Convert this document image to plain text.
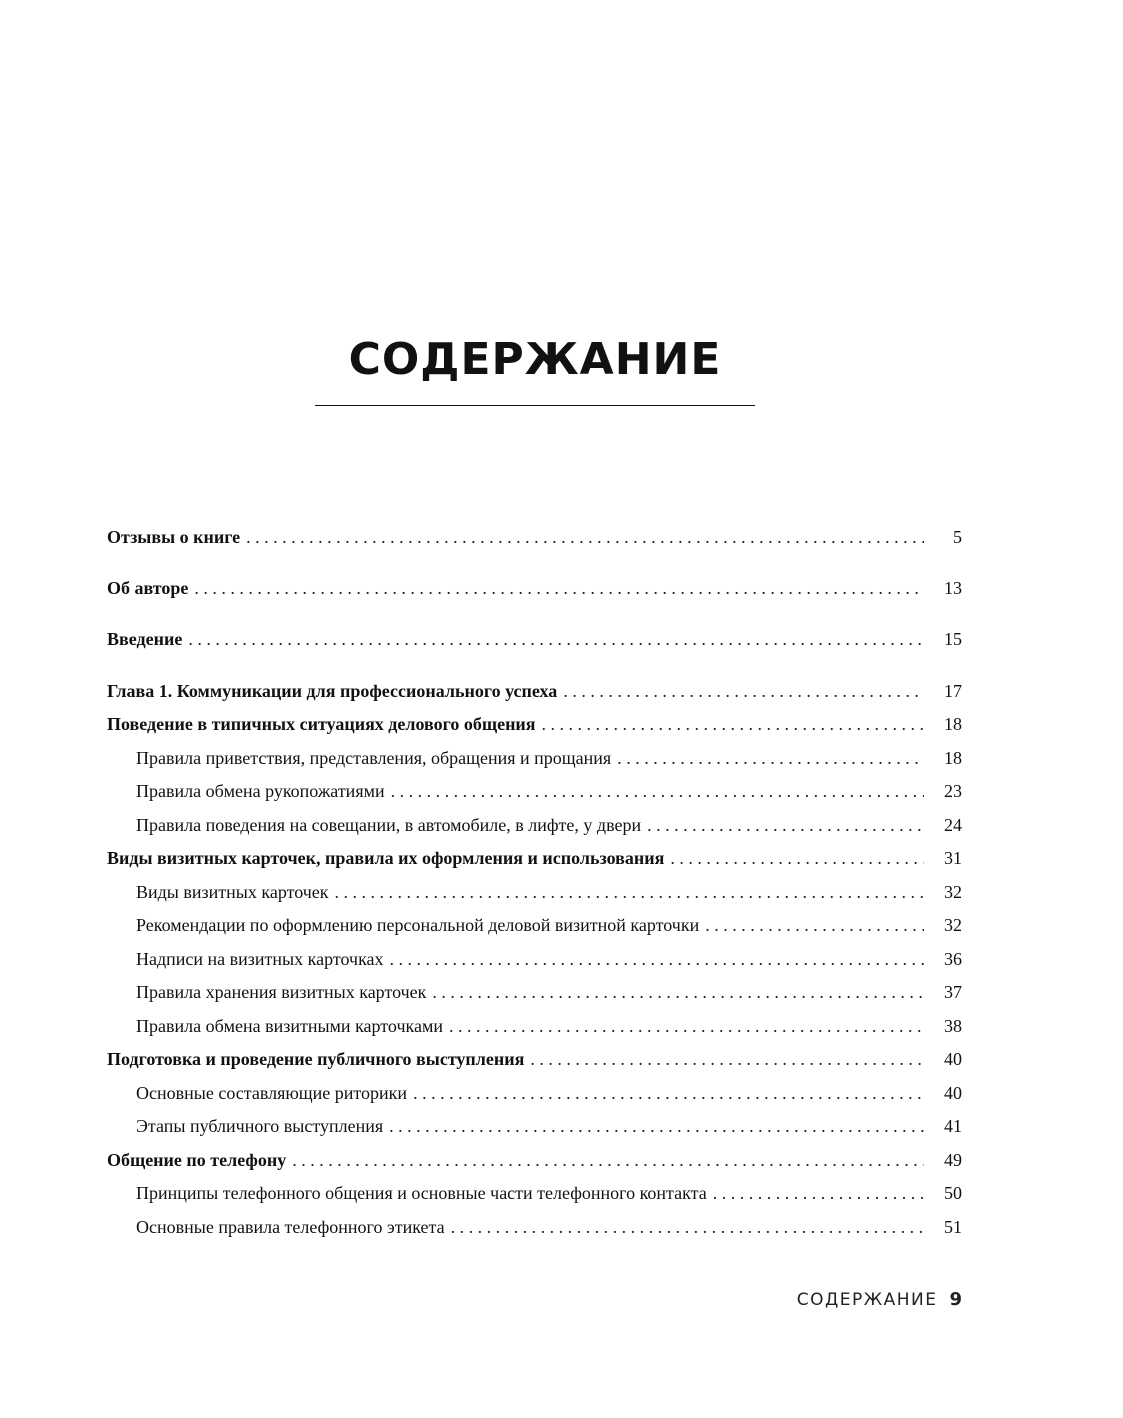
СОДЕРЖАНИЕ
Отзывы о книге . . .	5
Об авторе . . .	13
Введение . . .	15
Глава 1. Коммуникации для профессионального успеха . . .	17
Поведение в типичных ситуациях делового общения . . .	18
Правила приветствия, представления, обращения и прощания . . .	18
Правила обмена рукопожатиями . . .	23
Правила поведения на совещании, в автомобиле, в лифте, у двери . . .	24
Виды визитных карточек, правила их оформления и использования . . .	31
Виды визитных карточек . . .	32
Рекомендации по оформлению персональной деловой визитной карточки . . .	32
Надписи на визитных карточках . . .	36
Правила хранения визитных карточек . . .	37
Правила обмена визитными карточками . . .	38
Подготовка и проведение публичного выступления . . .	40
Основные составляющие риторики . . .	40
Этапы публичного выступления . . .	41
Общение по телефону . . .	49
Принципы телефонного общения и основные части телефонного контакта . . .	50
Основные правила телефонного этикета . . .	51
СОДЕРЖАНИЕ 9
